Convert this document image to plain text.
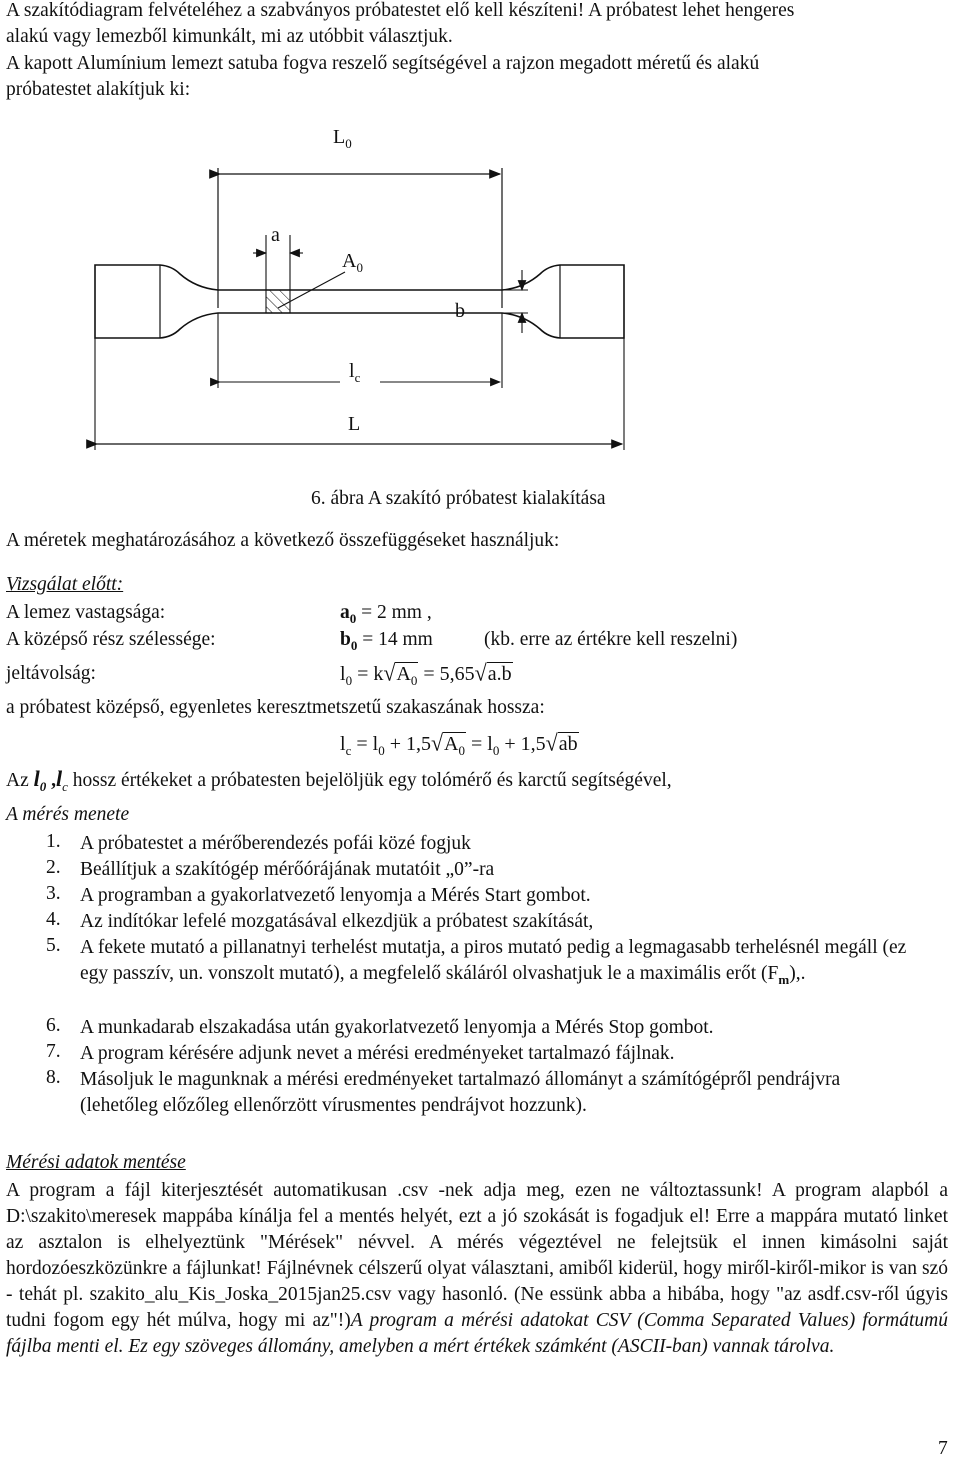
A szakítódiagram felvételéhez a szabványos próbatestet elő kell készíteni! A próbatest lehet hengeres
alakú vagy lemezből kimunkált, mi az utóbbit választjuk.
A kapott Alumínium lemezt satuba fogva reszelő segítségével a rajzon megadott méretű és alakú
próbatestet alakítjuk ki:
$L_0$
a
$A_0$
b
$l_c$
L
6. ábra A szakító próbatest kialakítása
A méretek meghatározásához a következő összefüggéseket használjuk:
Vizsgálat előtt:
A lemez vastagsága:	$a_0 = 2$ mm ,
A középső rész szélessége:	$b_0 = 14$ mm	(kb. erre az értékre kell reszelni)
jeltávolság:	$l_0 = k√A_0 = 5,65√a.b$
a próbatest középső, egyenletes keresztmetszetű szakaszának hossza:
$l_c = l_0 + 1,5√A_0 = l_0 + 1,5√ab$
Az $l_0$ $,l_c$ hossz értékeket a próbatesten bejelöljük egy tolómérő és karctű segítségével,
A mérés menete
1. A próbatestet a mérőberendezés pofái közé fogjuk
2. Beállítjuk a szakítógép mérőórájának mutatóit „0”-ra
3. A programban a gyakorlatvezető lenyomja a Mérés Start gombot.
4. Az indítókar lefelé mozgatásával elkezdjük a próbatest szakítását,
5. A fekete mutató a pillanatnyi terhelést mutatja, a piros mutató pedig a legmagasabb terhelésnél megáll (ez egy passzív, un. vonszolt mutató), a megfelelő skáláról olvashatjuk le a maximális erőt $(F_m)$,.
6. A munkadarab elszakadása után gyakorlatvezető lenyomja a Mérés Stop gombot.
7. A program kérésére adjunk nevet a mérési eredményeket tartalmazó fájlnak.
8. Másoljuk le magunknak a mérési eredményeket tartalmazó állományt a számítógépről pendrájvra (lehetőleg előzőleg ellenőrzött vírusmentes pendrájvot hozzunk).
Mérési adatok mentése
A program a fájl kiterjesztését automatikusan .csv -nek adja meg, ezen ne változtassunk! A program alapból a D:\szakito\meresek mappába kínálja fel a mentés helyét, ezt a jó szokását is fogadjuk el! Erre a mappára mutató linket az asztalon is elhelyeztünk "Mérések" névvel. A mérés végeztével ne felejtsük el innen kimásolni saját hordozóeszközünkre a fájlunkat! Fájlnévnek célszerű olyat választani, amiből kiderül, hogy miről-kiről-mikor is van szó - tehát pl. szakito_alu_Kis_Joska_2015jan25.csv vagy hasonló. (Ne essünk abba a hibába, hogy "az asdf.csv-ről úgyis tudni fogom egy hét múlva, hogy mi az"!)A program a mérési adatokat CSV (Comma Separated Values) formátumú fájlba menti el. Ez egy szöveges állomány, amelyben a mért értékek számként (ASCII-ban) vannak tárolva.
7
